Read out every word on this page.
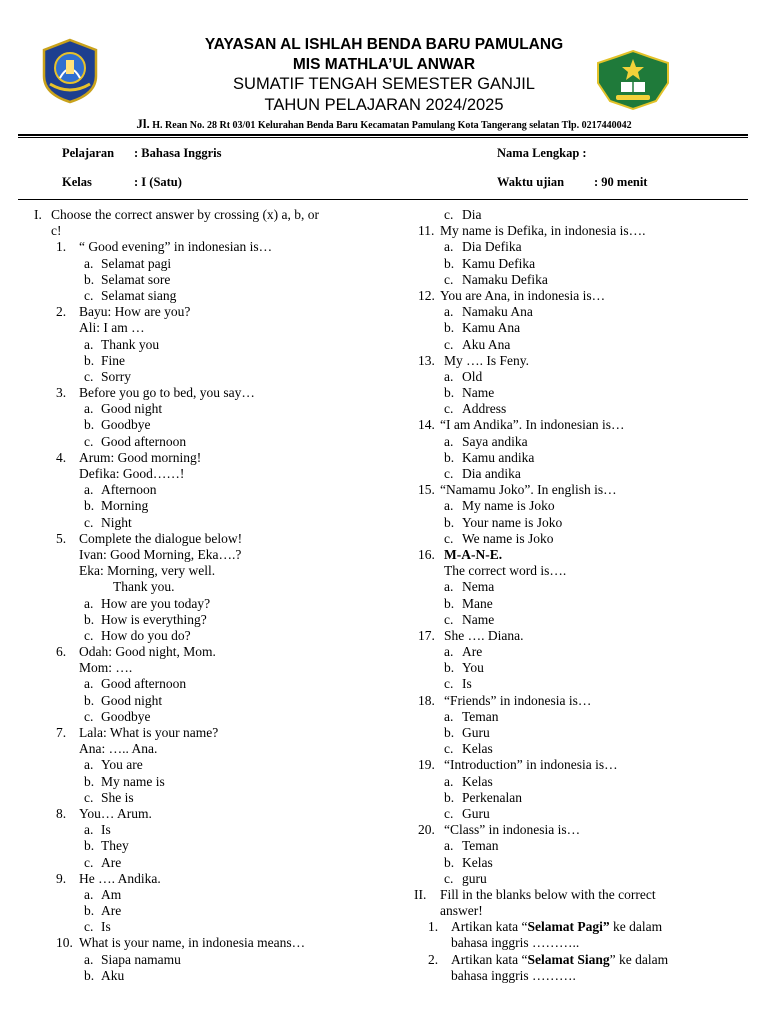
YAYASAN AL ISHLAH BENDA BARU PAMULANG
MIS MATHLA’UL ANWAR
SUMATIF TENGAH SEMESTER GANJIL
TAHUN PELAJARAN 2024/2025
Jl. H. Rean No. 28 Rt 03/01 Kelurahan Benda Baru Kecamatan Pamulang Kota Tangerang selatan Tlp. 0217440042
Pelajaran : Bahasa Inggris
Kelas	: I (Satu)
Nama Lengkap :
Waktu ujian : 90 menit
I. Choose the correct answer by crossing (x) a, b, or
c!
1. “ Good evening” in indonesian is…
a. Selamat pagi
b. Selamat sore
c. Selamat siang
2. Bayu: How are you?
Ali: I am …
a. Thank you
b. Fine
c. Sorry
3. Before you go to bed, you say…
a. Good night
b. Goodbye
c. Good afternoon
4. Arum: Good morning!
Defika: Good……!
a. Afternoon
b. Morning
c. Night
5. Complete the dialogue below!
Ivan: Good Morning, Eka….?
Eka: Morning, very well.
Thank you.
a. How are you today?
b. How is everything?
c. How do you do?
6. Odah: Good night, Mom.
Mom: ….
a. Good afternoon
b. Good night
c. Goodbye
7. Lala: What is your name?
Ana: ….. Ana.
a. You are
b. My name is
c. She is
8. You… Arum.
a. Is
b. They
c. Are
9. He …. Andika.
a. Am
b. Are
c. Is
10. What is your name, in indonesia means…
a. Siapa namamu
b. Aku
c. Dia
11. My name is Defika, in indonesia is….
a. Dia Defika
b. Kamu Defika
c. Namaku Defika
12. You are Ana, in indonesia is…
a. Namaku Ana
b. Kamu Ana
c. Aku Ana
13. My …. Is Feny.
a. Old
b. Name
c. Address
14. “I am Andika”. In indonesian is…
a. Saya andika
b. Kamu andika
c. Dia andika
15. “Namamu Joko”. In english is…
a. My name is Joko
b. Your name is Joko
c. We name is Joko
16. M-A-N-E.
The correct word is….
a. Nema
b. Mane
c. Name
17. She …. Diana.
a. Are
b. You
c. Is
18. “Friends” in indonesia is…
a. Teman
b. Guru
c. Kelas
19. “Introduction” in indonesia is…
a. Kelas
b. Perkenalan
c. Guru
20. “Class” in indonesia is…
a. Teman
b. Kelas
c. guru
II. Fill in the blanks below with the correct
answer!
1. Artikan kata “Selamat Pagi” ke dalam
bahasa inggris ………..
2. Artikan kata “Selamat Siang” ke dalam
bahasa inggris ……….
